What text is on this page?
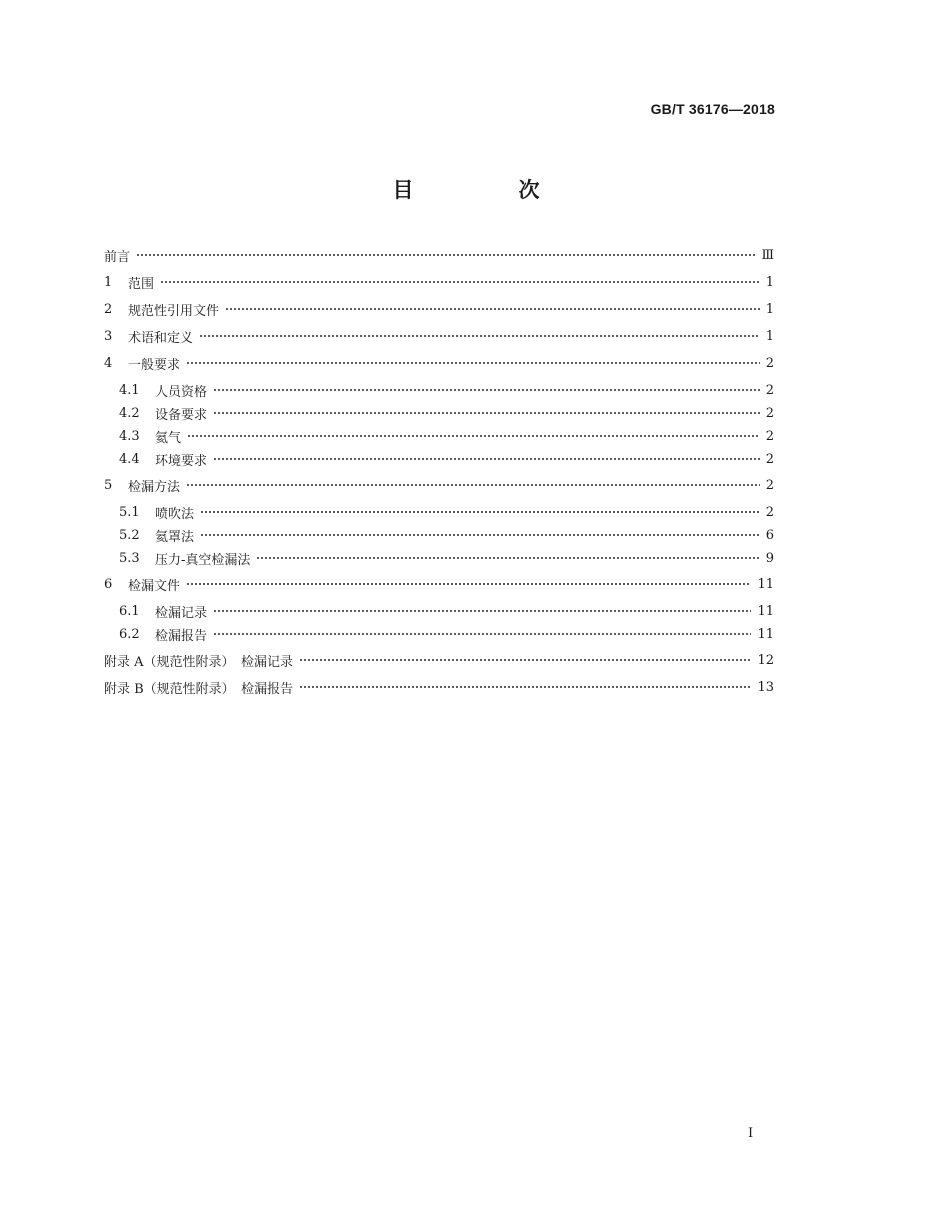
GB/T 36176—2018
目　次
前言	Ⅲ
1	范围	1
2	规范性引用文件	1
3	术语和定义	1
4	一般要求	2
4.1	人员资格	2
4.2	设备要求	2
4.3	氦气	2
4.4	环境要求	2
5	检漏方法	2
5.1	喷吹法	2
5.2	氦罩法	6
5.3	压力-真空检漏法	9
6	检漏文件	11
6.1	检漏记录	11
6.2	检漏报告	11
附录 A（规范性附录）　检漏记录	12
附录 B（规范性附录）　检漏报告	13
I
